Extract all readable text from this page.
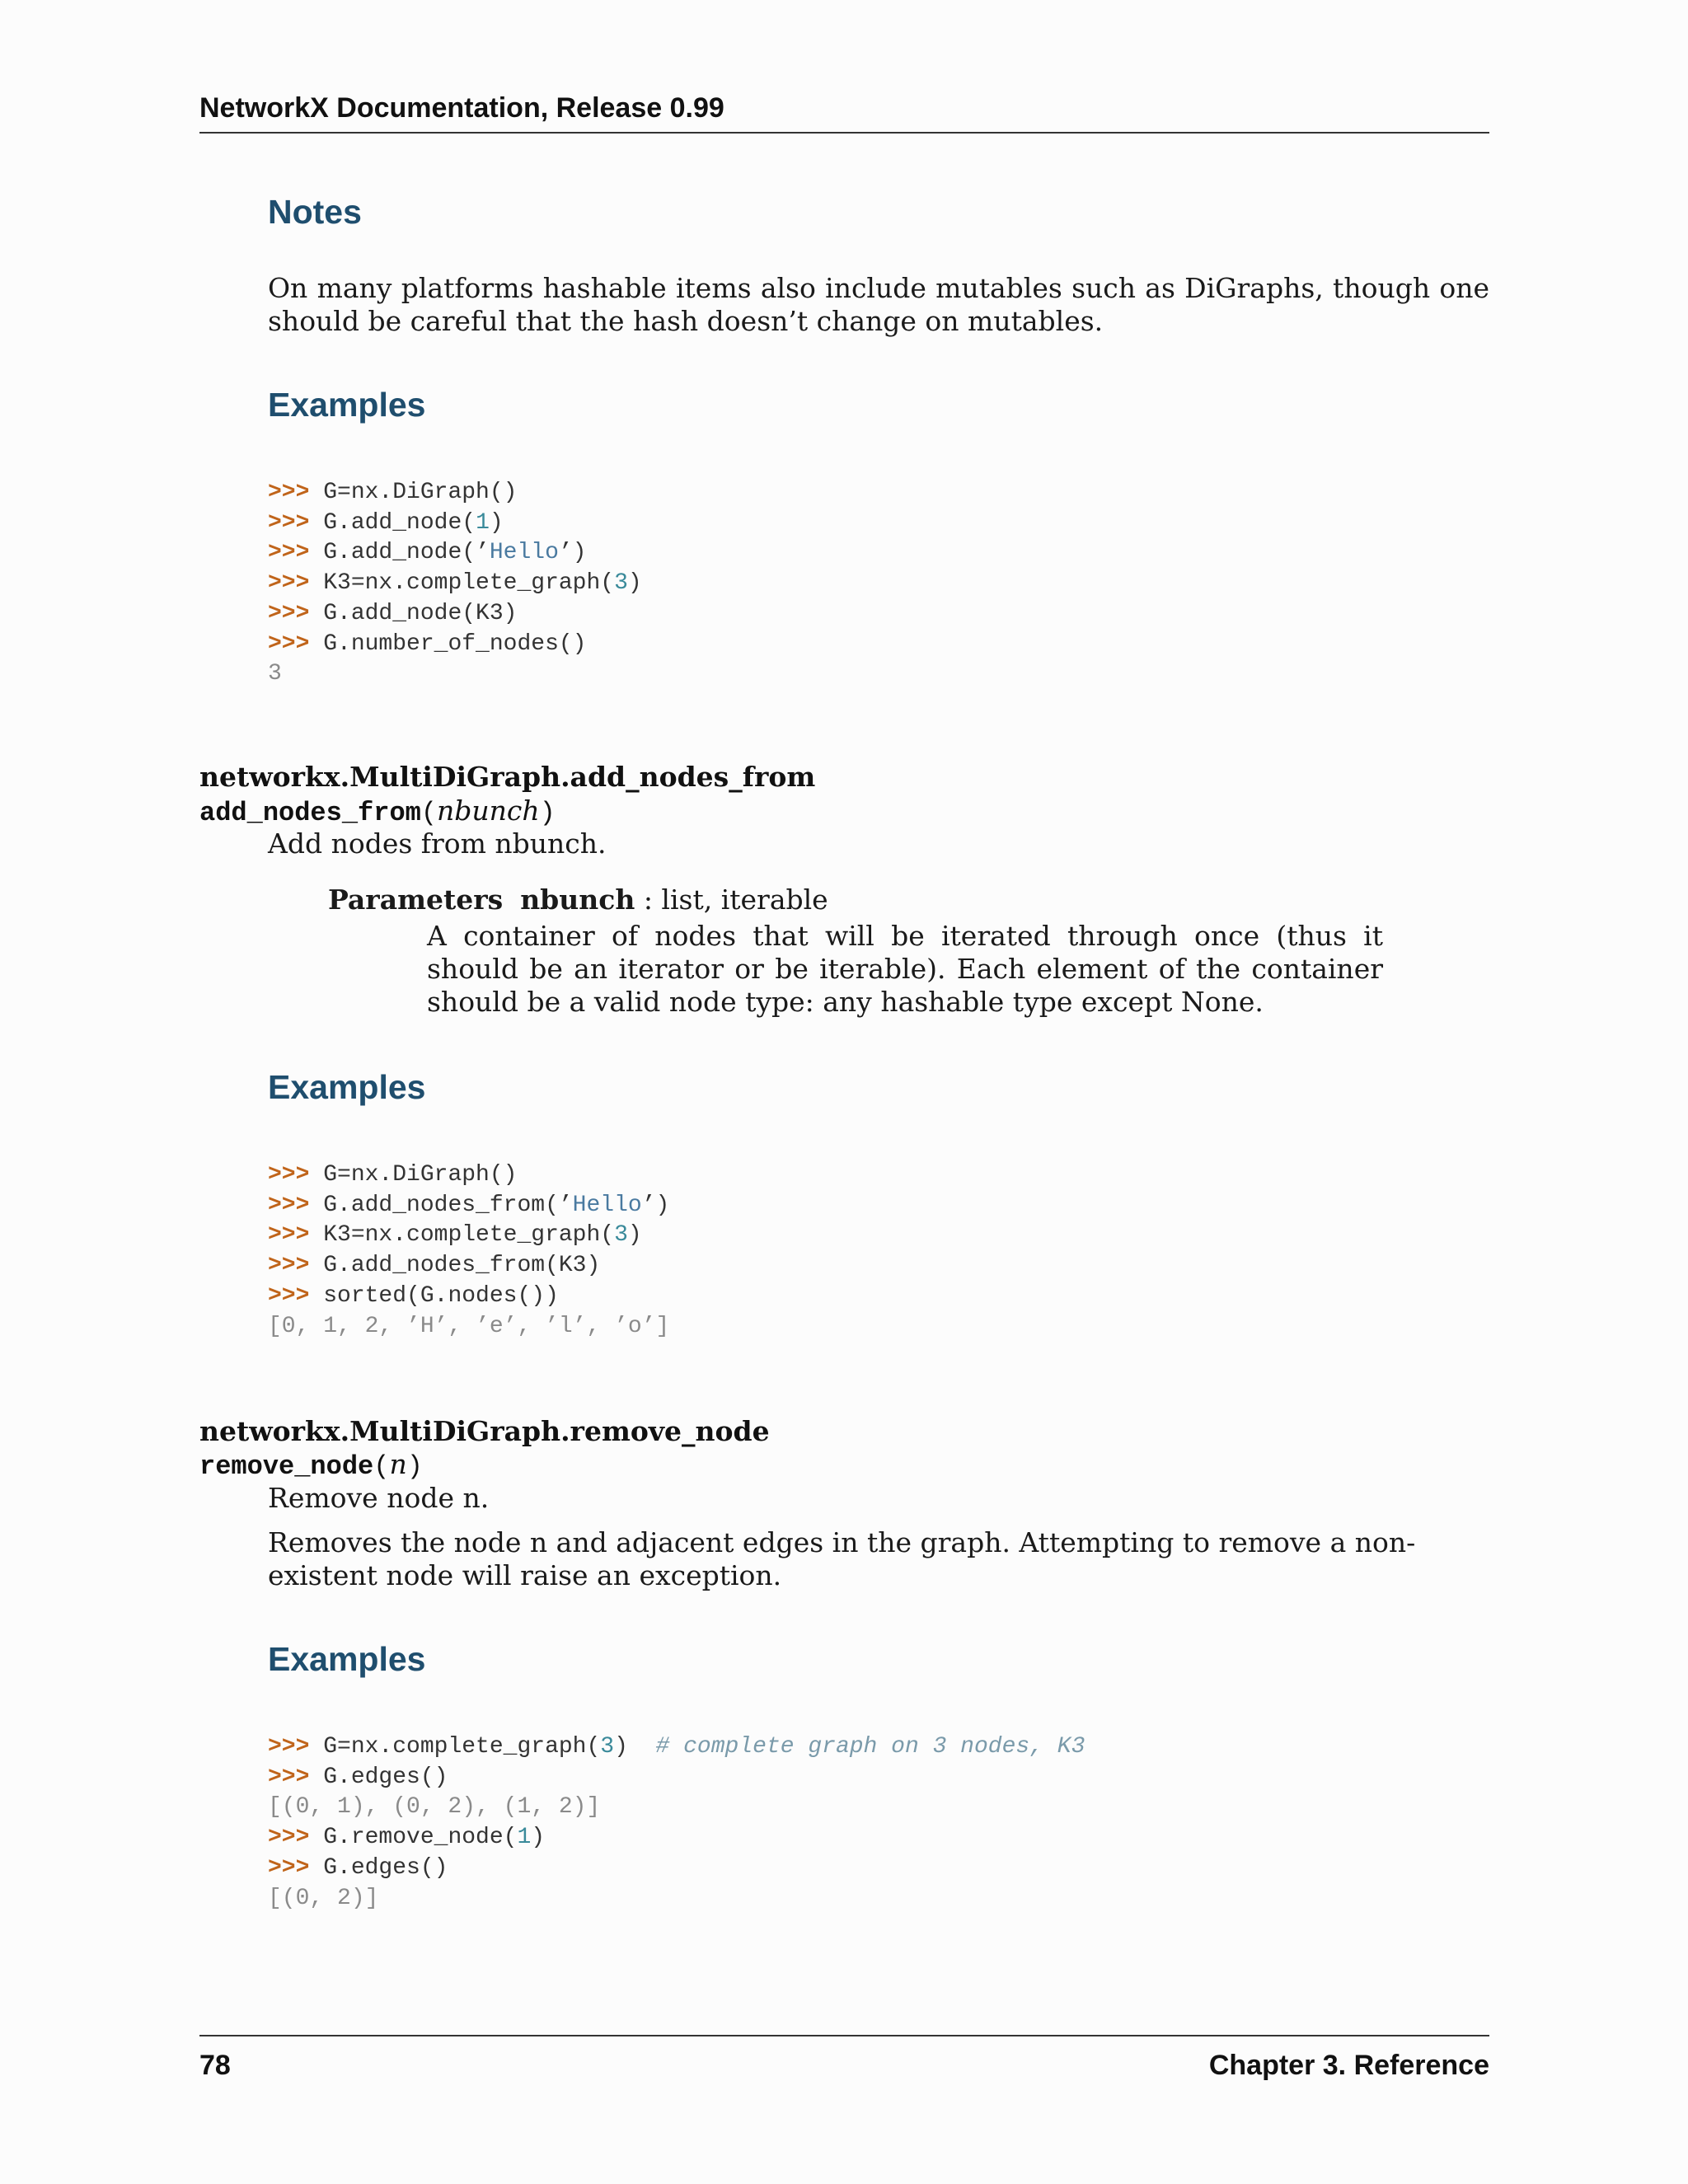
NetworkX Documentation, Release 0.99
Notes
On many platforms hashable items also include mutables such as DiGraphs, though one should be careful that the hash doesn’t change on mutables.
Examples
>>> G=nx.DiGraph()
>>> G.add_node(1)
>>> G.add_node(’Hello’)
>>> K3=nx.complete_graph(3)
>>> G.add_node(K3)
>>> G.number_of_nodes()
3
networkx.MultiDiGraph.add_nodes_from
add_nodes_from(nbunch)
Add nodes from nbunch.
Parameters nbunch : list, iterable
A container of nodes that will be iterated through once (thus it should be an iterator or be iterable). Each element of the container should be a valid node type: any hashable type except None.
Examples
>>> G=nx.DiGraph()
>>> G.add_nodes_from(’Hello’)
>>> K3=nx.complete_graph(3)
>>> G.add_nodes_from(K3)
>>> sorted(G.nodes())
[0, 1, 2, ’H’, ’e’, ’l’, ’o’]
networkx.MultiDiGraph.remove_node
remove_node(n)
Remove node n.
Removes the node n and adjacent edges in the graph. Attempting to remove a non-existent node will raise an exception.
Examples
>>> G=nx.complete_graph(3)  # complete graph on 3 nodes, K3
>>> G.edges()
[(0, 1), (0, 2), (1, 2)]
>>> G.remove_node(1)
>>> G.edges()
[(0, 2)]
78	Chapter 3. Reference
